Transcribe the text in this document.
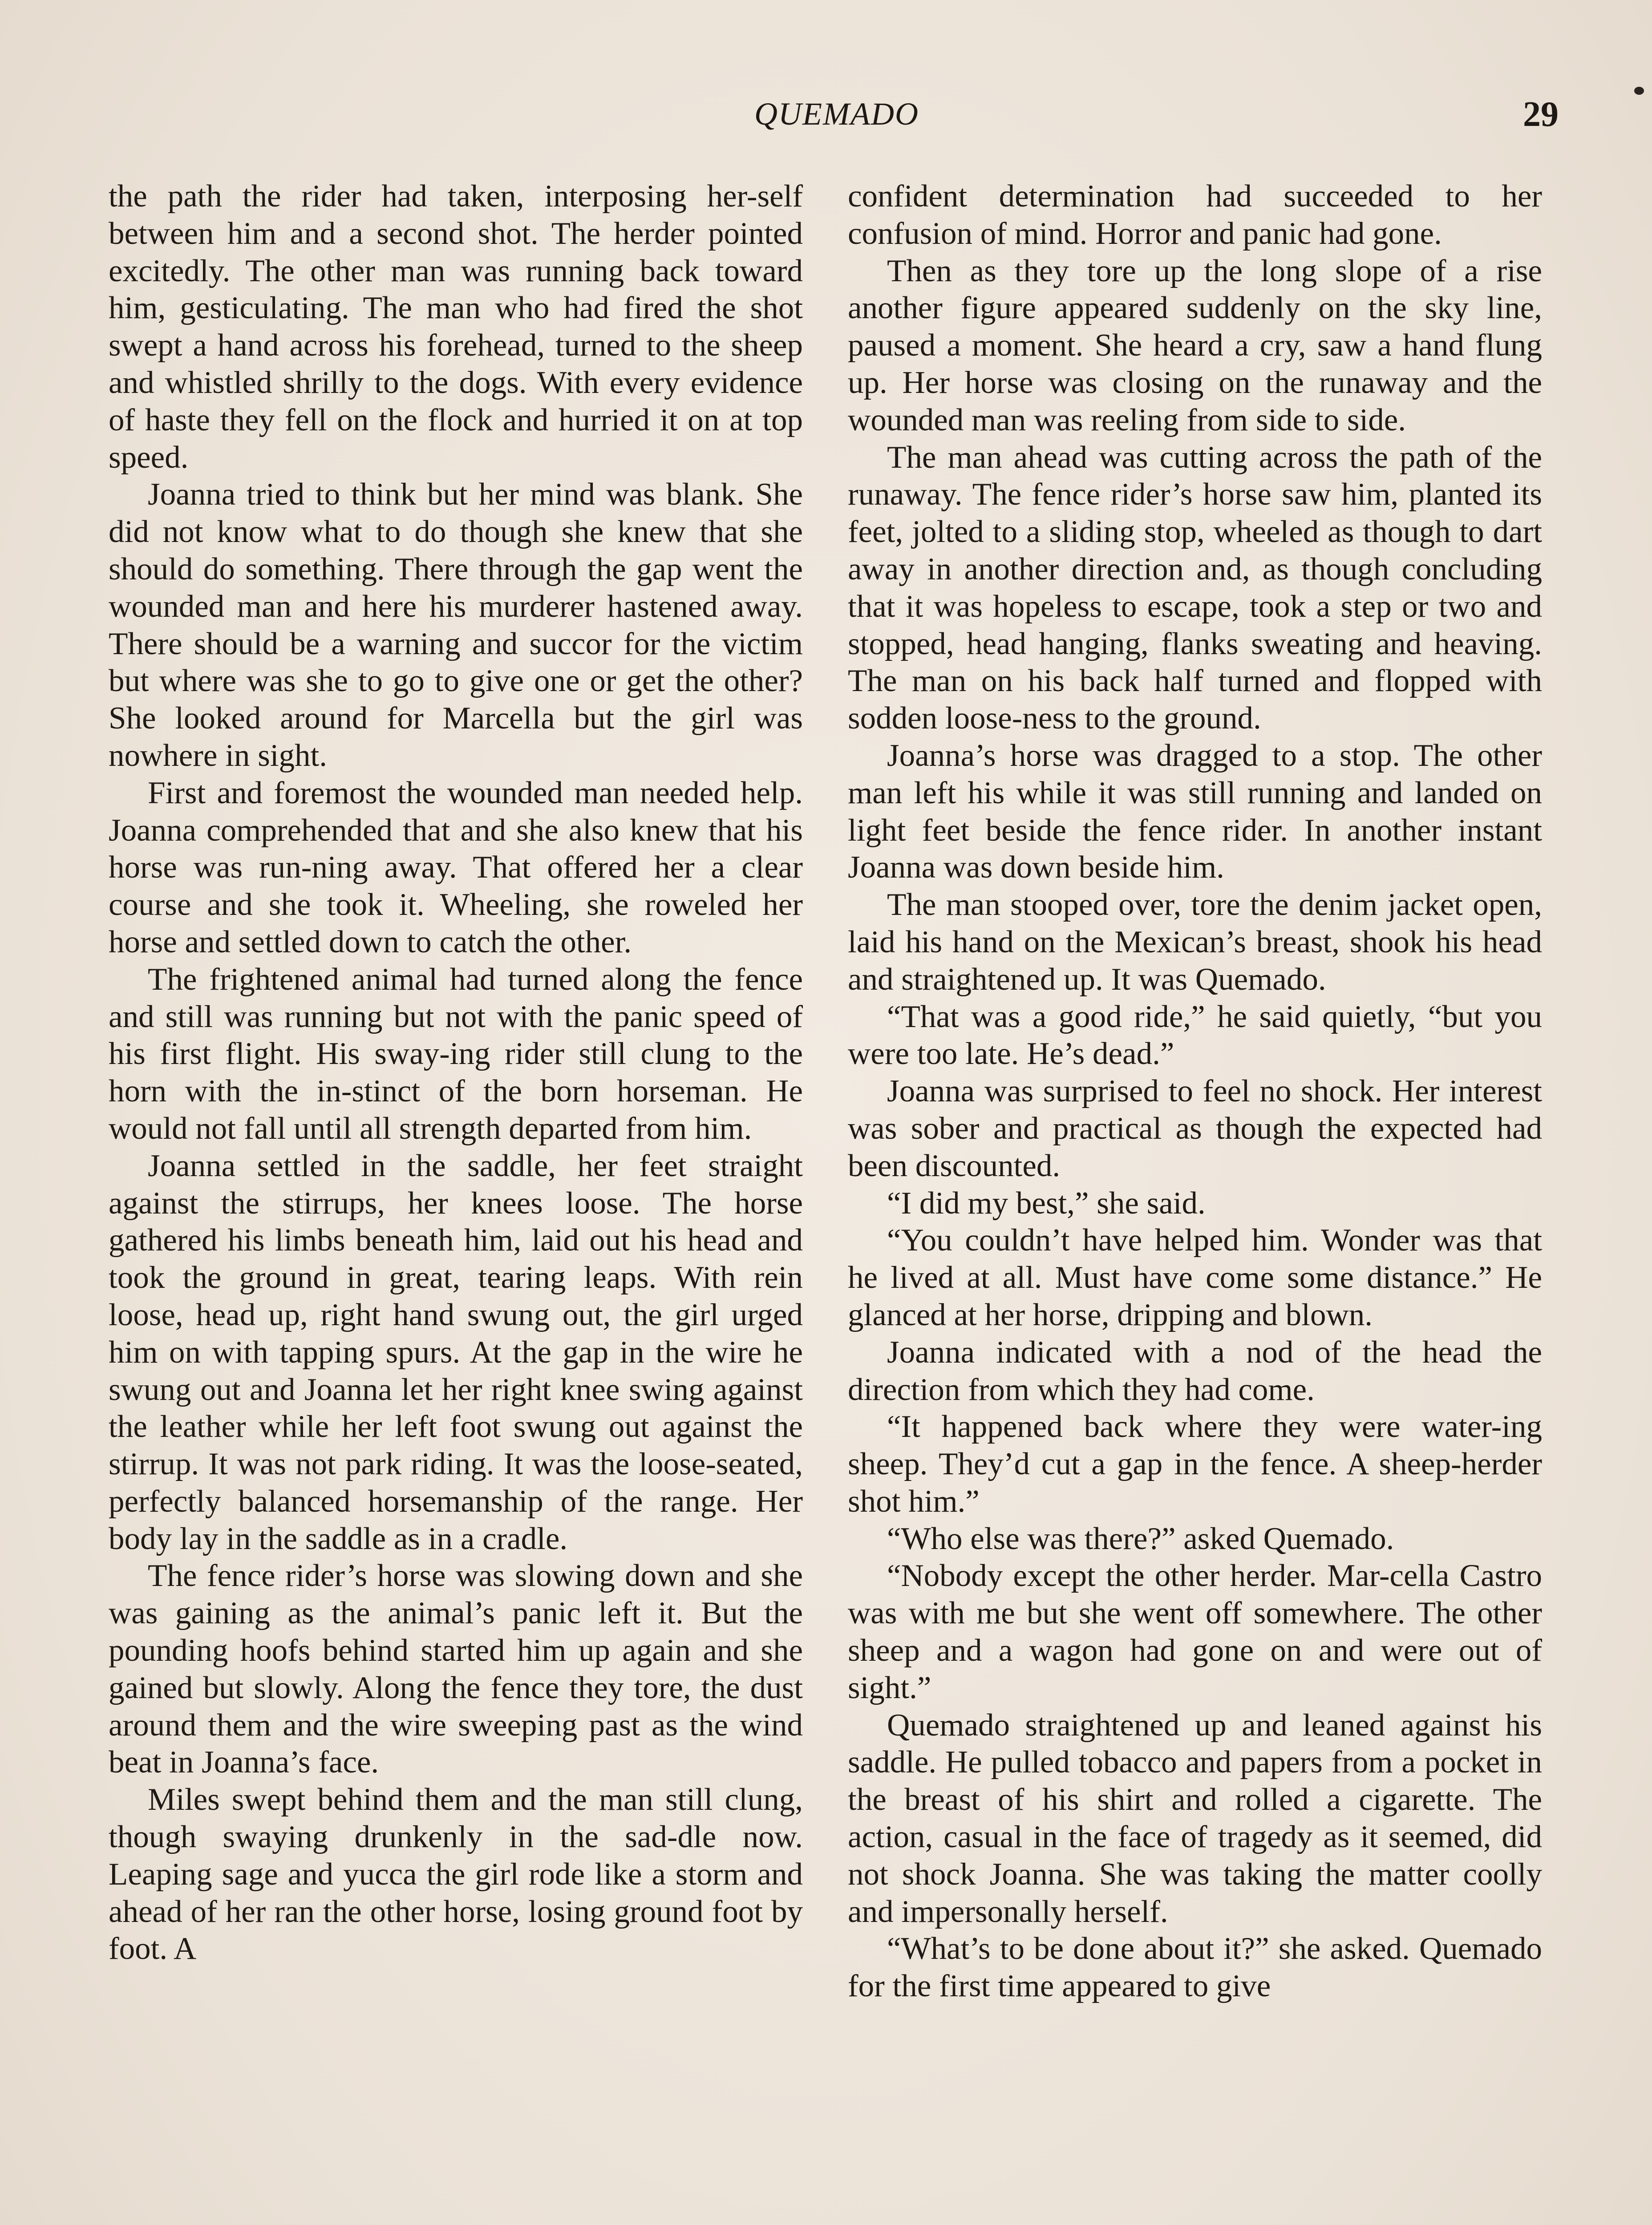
QUEMADO	29

the path the rider had taken, interposing her-self between him and a second shot. The herder pointed excitedly. The other man was running back toward him, gesticulating. The man who had fired the shot swept a hand across his forehead, turned to the sheep and whistled shrilly to the dogs. With every evidence of haste they fell on the flock and hurried it on at top speed.

Joanna tried to think but her mind was blank. She did not know what to do though she knew that she should do something. There through the gap went the wounded man and here his murderer hastened away. There should be a warning and succor for the victim but where was she to go to give one or get the other? She looked around for Marcella but the girl was nowhere in sight.

First and foremost the wounded man needed help. Joanna comprehended that and she also knew that his horse was run-ning away. That offered her a clear course and she took it. Wheeling, she roweled her horse and settled down to catch the other.

The frightened animal had turned along the fence and still was running but not with the panic speed of his first flight. His sway-ing rider still clung to the horn with the in-stinct of the born horseman. He would not fall until all strength departed from him.

Joanna settled in the saddle, her feet straight against the stirrups, her knees loose. The horse gathered his limbs beneath him, laid out his head and took the ground in great, tearing leaps. With rein loose, head up, right hand swung out, the girl urged him on with tapping spurs. At the gap in the wire he swung out and Joanna let her right knee swing against the leather while her left foot swung out against the stirrup. It was not park riding. It was the loose-seated, perfectly balanced horsemanship of the range. Her body lay in the saddle as in a cradle.

The fence rider’s horse was slowing down and she was gaining as the animal’s panic left it. But the pounding hoofs behind started him up again and she gained but slowly. Along the fence they tore, the dust around them and the wire sweeping past as the wind beat in Joanna’s face.

Miles swept behind them and the man still clung, though swaying drunkenly in the sad-dle now. Leaping sage and yucca the girl rode like a storm and ahead of her ran the other horse, losing ground foot by foot. A

confident determination had succeeded to her confusion of mind. Horror and panic had gone.

Then as they tore up the long slope of a rise another figure appeared suddenly on the sky line, paused a moment. She heard a cry, saw a hand flung up. Her horse was closing on the runaway and the wounded man was reeling from side to side.

The man ahead was cutting across the path of the runaway. The fence rider’s horse saw him, planted its feet, jolted to a sliding stop, wheeled as though to dart away in another direction and, as though concluding that it was hopeless to escape, took a step or two and stopped, head hanging, flanks sweating and heaving. The man on his back half turned and flopped with sodden loose-ness to the ground.

Joanna’s horse was dragged to a stop. The other man left his while it was still running and landed on light feet beside the fence rider. In another instant Joanna was down beside him.

The man stooped over, tore the denim jacket open, laid his hand on the Mexican’s breast, shook his head and straightened up. It was Quemado.

“That was a good ride,” he said quietly, “but you were too late. He’s dead.”

Joanna was surprised to feel no shock. Her interest was sober and practical as though the expected had been discounted.

“I did my best,” she said.

“You couldn’t have helped him. Wonder was that he lived at all. Must have come some distance.” He glanced at her horse, dripping and blown.

Joanna indicated with a nod of the head the direction from which they had come.

“It happened back where they were water-ing sheep. They’d cut a gap in the fence. A sheep-herder shot him.”

“Who else was there?” asked Quemado.

“Nobody except the other herder. Mar-cella Castro was with me but she went off somewhere. The other sheep and a wagon had gone on and were out of sight.”

Quemado straightened up and leaned against his saddle. He pulled tobacco and papers from a pocket in the breast of his shirt and rolled a cigarette. The action, casual in the face of tragedy as it seemed, did not shock Joanna. She was taking the matter coolly and impersonally herself.

“What’s to be done about it?” she asked. Quemado for the first time appeared to give
